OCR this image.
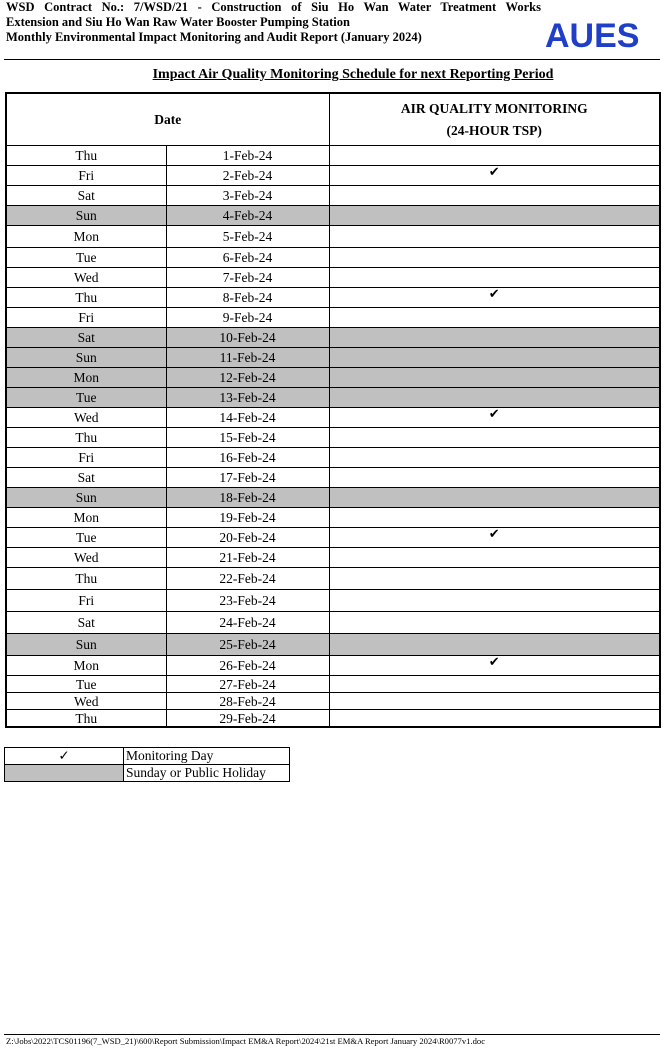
WSD Contract No.: 7/WSD/21 - Construction of Siu Ho Wan Water Treatment Works
Extension and Siu Ho Wan Raw Water Booster Pumping Station
Monthly Environmental Impact Monitoring and Audit Report (January 2024)	AUES
Impact Air Quality Monitoring Schedule for next Reporting Period
Date		AIR QUALITY MONITORING
(24-HOUR TSP)

Thu	1-Feb-24	
Fri	2-Feb-24	✔
Sat	3-Feb-24	
Sun	4-Feb-24	
Mon	5-Feb-24	
Tue	6-Feb-24	
Wed	7-Feb-24	
Thu	8-Feb-24	✔
Fri	9-Feb-24	
Sat	10-Feb-24	
Sun	11-Feb-24	
Mon	12-Feb-24	
Tue	13-Feb-24	
Wed	14-Feb-24	✔
Thu	15-Feb-24	
Fri	16-Feb-24	
Sat	17-Feb-24	
Sun	18-Feb-24	
Mon	19-Feb-24	
Tue	20-Feb-24	✔
Wed	21-Feb-24	
Thu	22-Feb-24	
Fri	23-Feb-24	
Sat	24-Feb-24	
Sun	25-Feb-24	
Mon	26-Feb-24	✔
Tue	27-Feb-24	
Wed	28-Feb-24	
Thu	29-Feb-24	
✓	Monitoring Day
	Sunday or Public Holiday
Z:\Jobs\2022\TCS01196(7_WSD_21)\600\Report Submission\Impact EM&A Report\2024\21st EM&A Report January 2024\R0077v1.doc
